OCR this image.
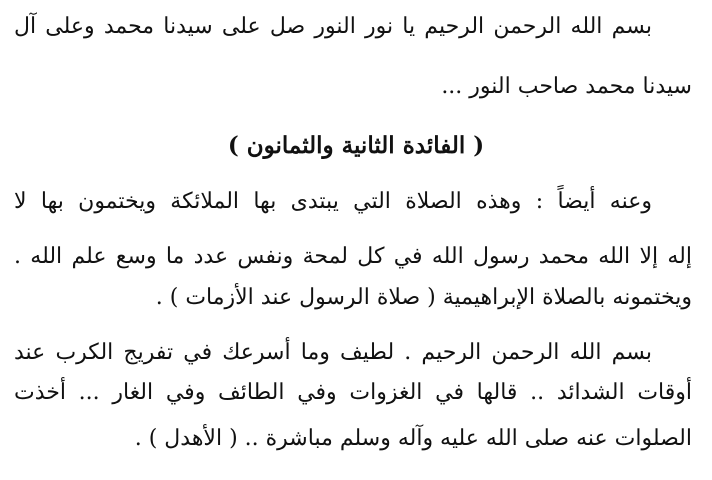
بسم الله الرحمن الرحيم يا نور النور صل على سيدنا محمد وعلى آل
سيدنا محمد صاحب النور ...
( الفائدة الثانية والثمانون )
وعنه أيضاً : وهذه الصلاة التي يبتدى بها الملائكة ويختمون بها لا
إله إلا الله محمد رسول الله في كل لمحة ونفس عدد ما وسع علم الله .
ويختمونه بالصلاة الإبراهيمية ( صلاة الرسول عند الأزمات ) .
بسم الله الرحمن الرحيم . لطيف وما أسرعك في تفريج الكرب عند
أوقات الشدائد .. قالها في الغزوات وفي الطائف وفي الغار ... أخذت
الصلوات عنه صلى الله عليه وآله وسلم مباشرة .. ( الأهدل ) .
